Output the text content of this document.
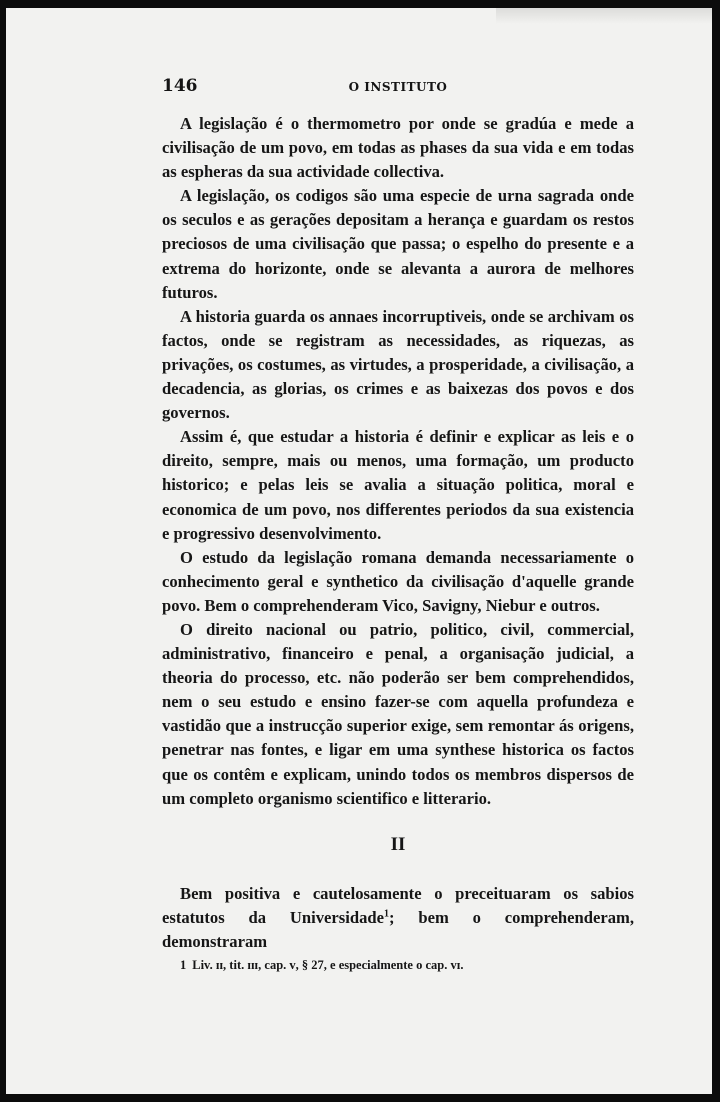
146	O INSTITUTO

A legislação é o thermometro por onde se gradúa e mede a civilisação de um povo, em todas as phases da sua vida e em todas as espheras da sua actividade collectiva.

A legislação, os codigos são uma especie de urna sagrada onde os seculos e as gerações depositam a herança e guardam os restos preciosos de uma civilisação que passa; o espelho do presente e a extrema do horizonte, onde se alevanta a aurora de melhores futuros.

A historia guarda os annaes incorruptiveis, onde se archivam os factos, onde se registram as necessidades, as riquezas, as privações, os costumes, as virtudes, a prosperidade, a civilisação, a decadencia, as glorias, os crimes e as baixezas dos povos e dos governos.

Assim é, que estudar a historia é definir e explicar as leis e o direito, sempre, mais ou menos, uma formação, um producto historico; e pelas leis se avalia a situação politica, moral e economica de um povo, nos differentes periodos da sua existencia e progressivo desenvolvimento.

O estudo da legislação romana demanda necessariamente o conhecimento geral e synthetico da civilisação d'aquelle grande povo. Bem o comprehenderam Vico, Savigny, Niebur e outros.

O direito nacional ou patrio, politico, civil, commercial, administrativo, financeiro e penal, a organisação judicial, a theoria do processo, etc. não poderão ser bem comprehendidos, nem o seu estudo e ensino fazer-se com aquella profundeza e vastidão que a instrucção superior exige, sem remontar ás origens, penetrar nas fontes, e ligar em uma synthese historica os factos que os contêm e explicam, unindo todos os membros dispersos de um completo organismo scientifico e litterario.

II

Bem positiva e cautelosamente o preceituaram os sabios estatutos da Universidade$^1$; bem o comprehenderam, demonstraram

1 Liv. ɪɪ, tit. ɪɪɪ, cap. ᴠ, § 27, e especialmente o cap. ᴠɪ.
